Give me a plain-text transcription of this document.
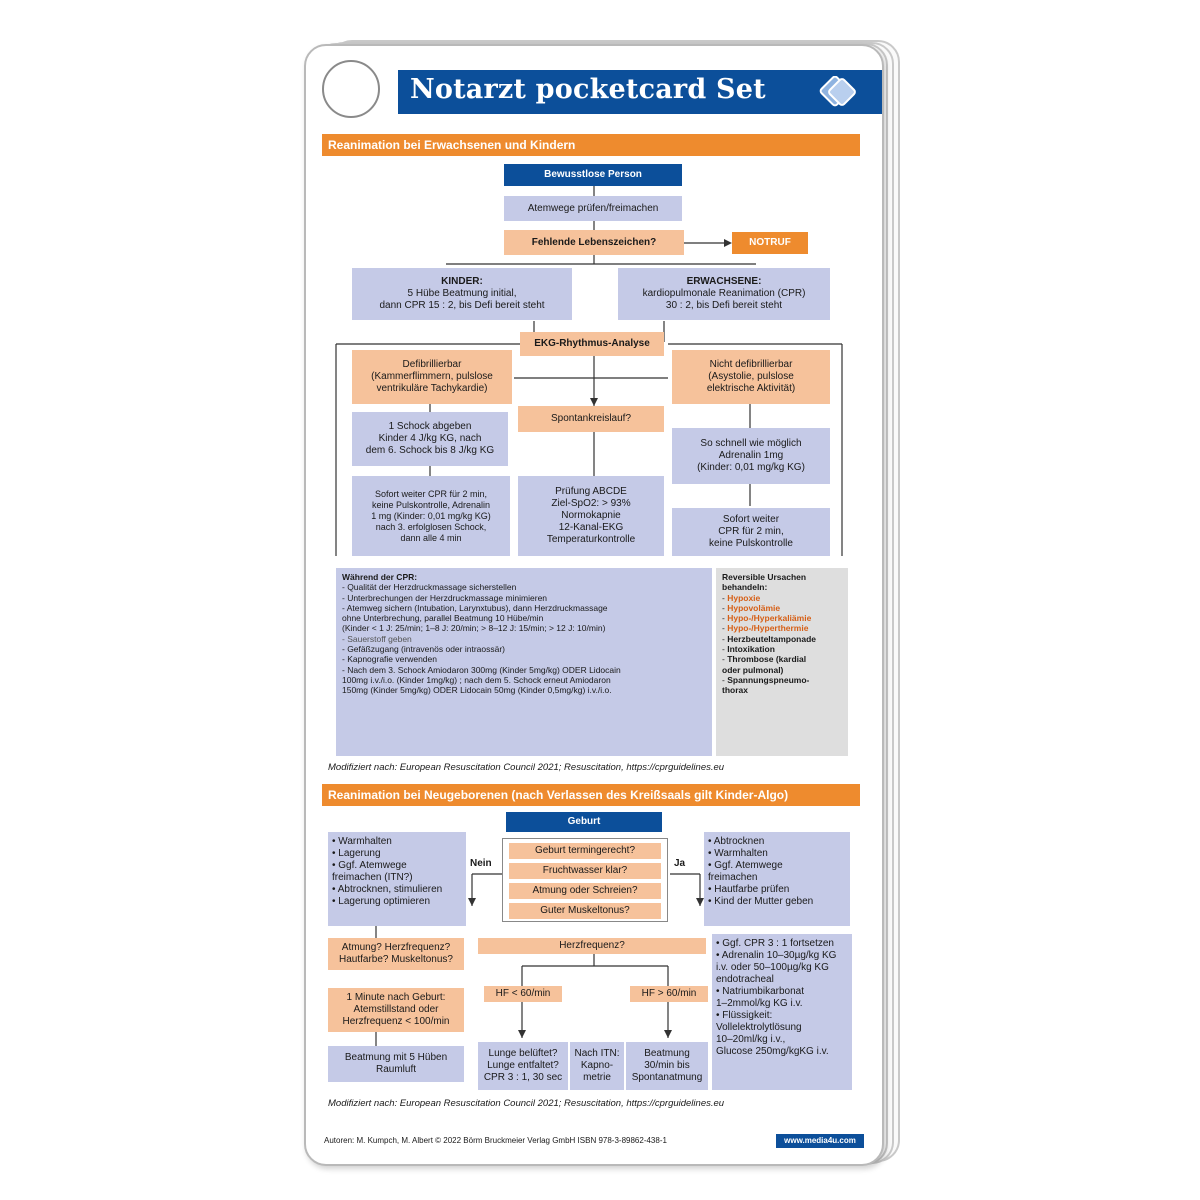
Notarzt pocketcard Set
Reanimation bei Erwachsenen und Kindern
Bewusstlose Person
Atemwege prüfen/freimachen
Fehlende Lebenszeichen?	NOTRUF
KINDER:
5 Hübe Beatmung initial,
dann CPR 15 : 2, bis Defi bereit steht
ERWACHSENE:
kardiopulmonale Reanimation (CPR)
30 : 2, bis Defi bereit steht
EKG-Rhythmus-Analyse
Defibrillierbar
(Kammerflimmern, pulslose
ventrikuläre Tachykardie)
Nicht defibrillierbar
(Asystolie, pulslose
elektrische Aktivität)
1 Schock abgeben
Kinder 4 J/kg KG, nach
dem 6. Schock bis 8 J/kg KG
Spontankreislauf?
So schnell wie möglich
Adrenalin 1mg
(Kinder: 0,01 mg/kg KG)
Sofort weiter CPR für 2 min,
keine Pulskontrolle, Adrenalin
1 mg (Kinder: 0,01 mg/kg KG)
nach 3. erfolglosen Schock,
dann alle 4 min
Prüfung ABCDE
Ziel-SpO2: > 93%
Normokapnie
12-Kanal-EKG
Temperaturkontrolle
Sofort weiter
CPR für 2 min,
keine Pulskontrolle
Während der CPR:
- Qualität der Herzdruckmassage sicherstellen
- Unterbrechungen der Herzdruckmassage minimieren
- Atemweg sichern (Intubation, Larynxtubus), dann Herzdruckmassage
ohne Unterbrechung, parallel Beatmung 10 Hübe/min
(Kinder < 1 J: 25/min; 1–8 J: 20/min; > 8–12 J: 15/min; > 12 J: 10/min)
- Sauerstoff geben
- Gefäßzugang (intravenös oder intraossär)
- Kapnografie verwenden
- Nach dem 3. Schock Amiodaron 300mg (Kinder 5mg/kg) ODER Lidocain
100mg i.v./i.o. (Kinder 1mg/kg) ; nach dem 5. Schock erneut Amiodaron
150mg (Kinder 5mg/kg) ODER Lidocain 50mg (Kinder 0,5mg/kg) i.v./i.o.
Reversible Ursachen
behandeln:
- Hypoxie
- Hypovolämie
- Hypo-/Hyperkaliämie
- Hypo-/Hyperthermie
- Herzbeuteltamponade
- Intoxikation
- Thrombose (kardial
oder pulmonal)
- Spannungspneumo-
thorax
Modifiziert nach: European Resuscitation Council 2021; Resuscitation, https://cprguidelines.eu
Reanimation bei Neugeborenen (nach Verlassen des Kreißsaals gilt Kinder-Algo)
Geburt
Geburt termingerecht?
Fruchtwasser klar?
Atmung oder Schreien?
Guter Muskeltonus?
Nein	Ja
• Warmhalten
• Lagerung
• Ggf. Atemwege
freimachen (ITN?)
• Abtrocknen, stimulieren
• Lagerung optimieren
• Abtrocknen
• Warmhalten
• Ggf. Atemwege
freimachen
• Hautfarbe prüfen
• Kind der Mutter geben
Atmung? Herzfrequenz?
Hautfarbe? Muskeltonus?
Herzfrequenz?
1 Minute nach Geburt:
Atemstillstand oder
Herzfrequenz < 100/min
HF < 60/min	HF > 60/min
Beatmung mit 5 Hüben
Raumluft
Lunge belüftet?
Lunge entfaltet?
CPR 3 : 1, 30 sec
Nach ITN:
Kapno-
metrie
Beatmung
30/min bis
Spontanatmung
• Ggf. CPR 3 : 1 fortsetzen
• Adrenalin 10–30µg/kg KG
i.v. oder 50–100µg/kg KG
endotracheal
• Natriumbikarbonat
1–2mmol/kg KG i.v.
• Flüssigkeit:
Vollelektrolytlösung
10–20ml/kg i.v.,
Glucose 250mg/kgKG i.v.
Modifiziert nach: European Resuscitation Council 2021; Resuscitation, https://cprguidelines.eu
Autoren: M. Kumpch, M. Albert © 2022 Börm Bruckmeier Verlag GmbH ISBN 978-3-89862-438-1	www.media4u.com
